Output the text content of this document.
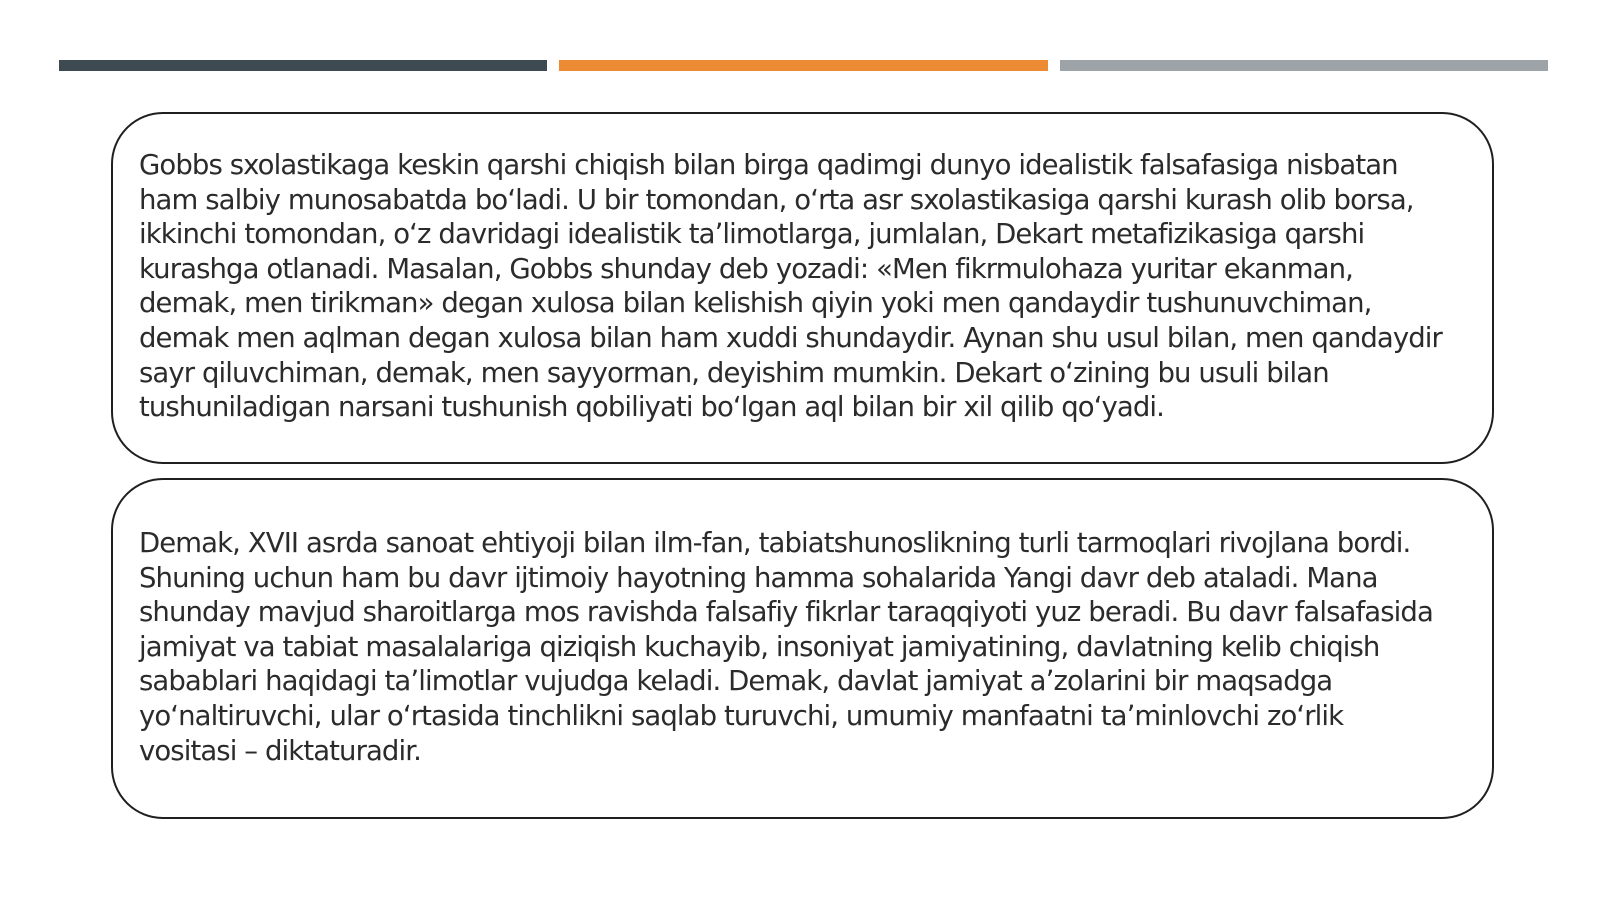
Gobbs sxolastikaga keskin qarshi chiqish bilan birga qadimgi dunyo idealistik falsafasiga nisbatan
ham salbiy munosabatda boʻladi. U bir tomondan, oʻrta asr sxolastikasiga qarshi kurash olib borsa,
ikkinchi tomondan, oʻz davridagi idealistik taʼlimotlarga, jumlalan, Dekart metafizikasiga qarshi
kurashga otlanadi. Masalan, Gobbs shunday deb yozadi: «Men fikrmulohaza yuritar ekanman,
demak, men tirikman» degan xulosa bilan kelishish qiyin yoki men qandaydir tushunuvchiman,
demak men aqlman degan xulosa bilan ham xuddi shundaydir. Aynan shu usul bilan, men qandaydir
sayr qiluvchiman, demak, men sayyorman, deyishim mumkin. Dekart oʻzining bu usuli bilan
tushuniladigan narsani tushunish qobiliyati boʻlgan aql bilan bir xil qilib qoʻyadi.

Demak, XVII asrda sanoat ehtiyoji bilan ilm-fan, tabiatshunoslikning turli tarmoqlari rivojlana bordi.
Shuning uchun ham bu davr ijtimoiy hayotning hamma sohalarida Yangi davr deb ataladi. Mana
shunday mavjud sharoitlarga mos ravishda falsafiy fikrlar taraqqiyoti yuz beradi. Bu davr falsafasida
jamiyat va tabiat masalalariga qiziqish kuchayib, insoniyat jamiyatining, davlatning kelib chiqish
sabablari haqidagi taʼlimotlar vujudga keladi. Demak, davlat jamiyat aʼzolarini bir maqsadga
yoʻnaltiruvchi, ular oʻrtasida tinchlikni saqlab turuvchi, umumiy manfaatni taʼminlovchi zoʻrlik
vositasi – diktaturadir.
